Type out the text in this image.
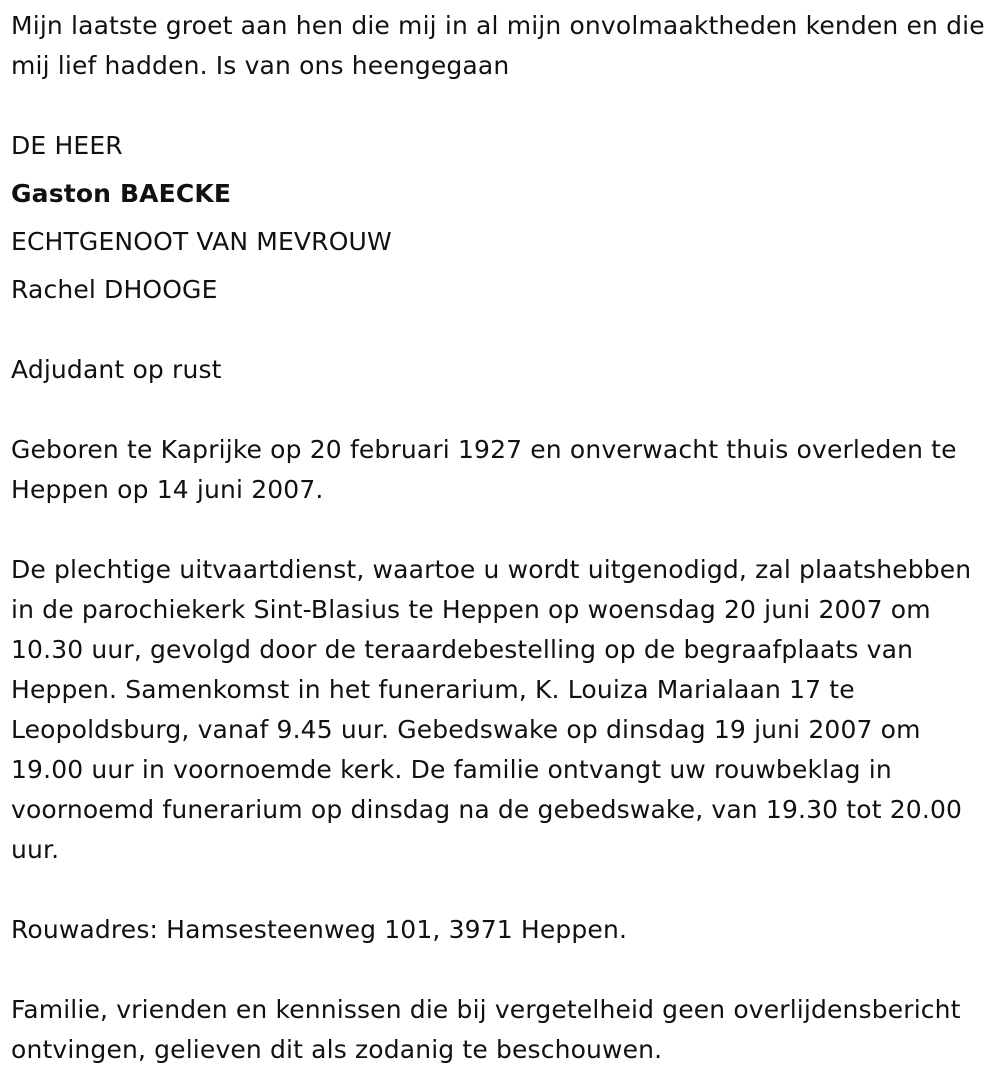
Mijn laatste groet aan hen die mij in al mijn onvolmaaktheden kenden en die mij lief hadden. Is van ons heengegaan

DE HEER

Gaston BAECKE

ECHTGENOOT VAN MEVROUW

Rachel DHOOGE

Adjudant op rust

Geboren te Kaprijke op 20 februari 1927 en onverwacht thuis overleden te Heppen op 14 juni 2007.

De plechtige uitvaartdienst, waartoe u wordt uitgenodigd, zal plaatshebben in de parochiekerk Sint-Blasius te Heppen op woensdag 20 juni 2007 om 10.30 uur, gevolgd door de teraardebestelling op de begraafplaats van Heppen. Samenkomst in het funerarium, K. Louiza Marialaan 17 te Leopoldsburg, vanaf 9.45 uur. Gebedswake op dinsdag 19 juni 2007 om 19.00 uur in voornoemde kerk. De familie ontvangt uw rouwbeklag in voornoemd funerarium op dinsdag na de gebedswake, van 19.30 tot 20.00 uur.

Rouwadres: Hamsesteenweg 101, 3971 Heppen.

Familie, vrienden en kennissen die bij vergetelheid geen overlijdensbericht ontvingen, gelieven dit als zodanig te beschouwen.
